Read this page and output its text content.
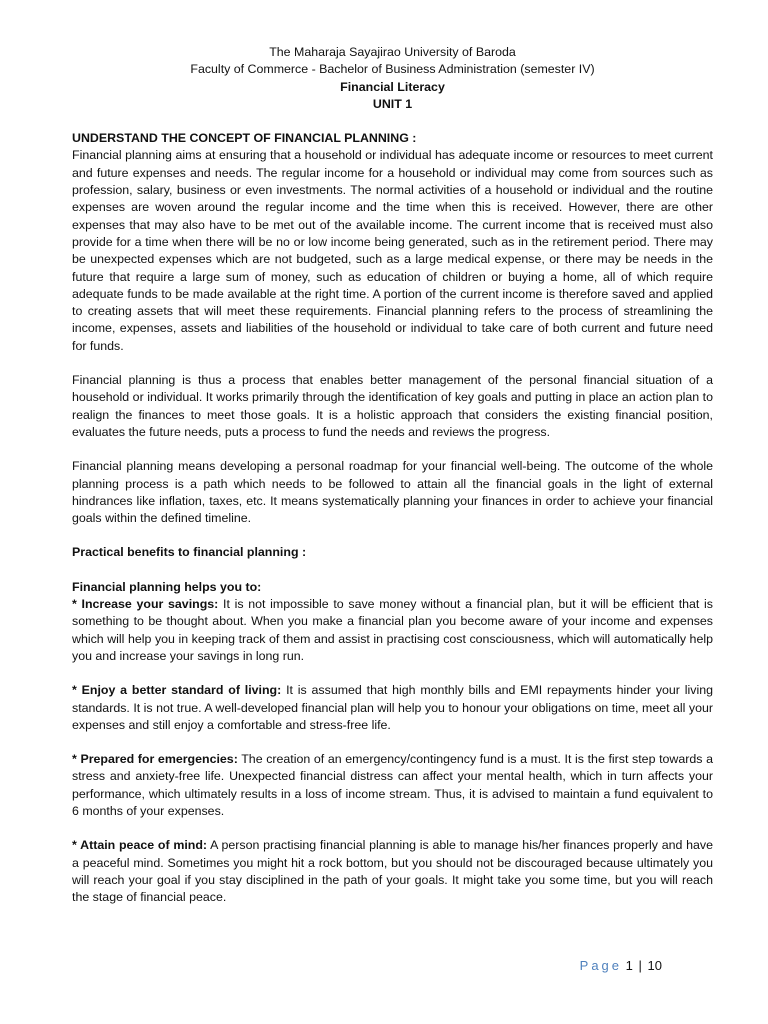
The Maharaja Sayajirao University of Baroda
Faculty of Commerce - Bachelor of Business Administration (semester IV)
Financial Literacy
UNIT 1
UNDERSTAND THE CONCEPT OF FINANCIAL PLANNING :

Financial planning aims at ensuring that a household or individual has adequate income or resources to meet current and future expenses and needs. The regular income for a household or individual may come from sources such as profession, salary, business or even investments. The normal activities of a household or individual and the routine expenses are woven around the regular income and the time when this is received. However, there are other expenses that may also have to be met out of the available income. The current income that is received must also provide for a time when there will be no or low income being generated, such as in the retirement period. There may be unexpected expenses which are not budgeted, such as a large medical expense, or there may be needs in the future that require a large sum of money, such as education of children or buying a home, all of which require adequate funds to be made available at the right time. A portion of the current income is therefore saved and applied to creating assets that will meet these requirements. Financial planning refers to the process of streamlining the income, expenses, assets and liabilities of the household or individual to take care of both current and future need for funds.

Financial planning is thus a process that enables better management of the personal financial situation of a household or individual. It works primarily through the identification of key goals and putting in place an action plan to realign the finances to meet those goals. It is a holistic approach that considers the existing financial position, evaluates the future needs, puts a process to fund the needs and reviews the progress.

Financial planning means developing a personal roadmap for your financial well-being. The outcome of the whole planning process is a path which needs to be followed to attain all the financial goals in the light of external hindrances like inflation, taxes, etc. It means systematically planning your finances in order to achieve your financial goals within the defined timeline.

Practical benefits to financial planning :
Financial planning helps you to:

* Increase your savings: It is not impossible to save money without a financial plan, but it will be efficient that is something to be thought about. When you make a financial plan you become aware of your income and expenses which will help you in keeping track of them and assist in practising cost consciousness, which will automatically help you and increase your savings in long run.

* Enjoy a better standard of living: It is assumed that high monthly bills and EMI repayments hinder your living standards. It is not true. A well-developed financial plan will help you to honour your obligations on time, meet all your expenses and still enjoy a comfortable and stress-free life.

* Prepared for emergencies: The creation of an emergency/contingency fund is a must. It is the first step towards a stress and anxiety-free life. Unexpected financial distress can affect your mental health, which in turn affects your performance, which ultimately results in a loss of income stream. Thus, it is advised to maintain a fund equivalent to 6 months of your expenses.

* Attain peace of mind: A person practising financial planning is able to manage his/her finances properly and have a peaceful mind. Sometimes you might hit a rock bottom, but you should not be discouraged because ultimately you will reach your goal if you stay disciplined in the path of your goals. It might take you some time, but you will reach the stage of financial peace.

Page 1 | 10
